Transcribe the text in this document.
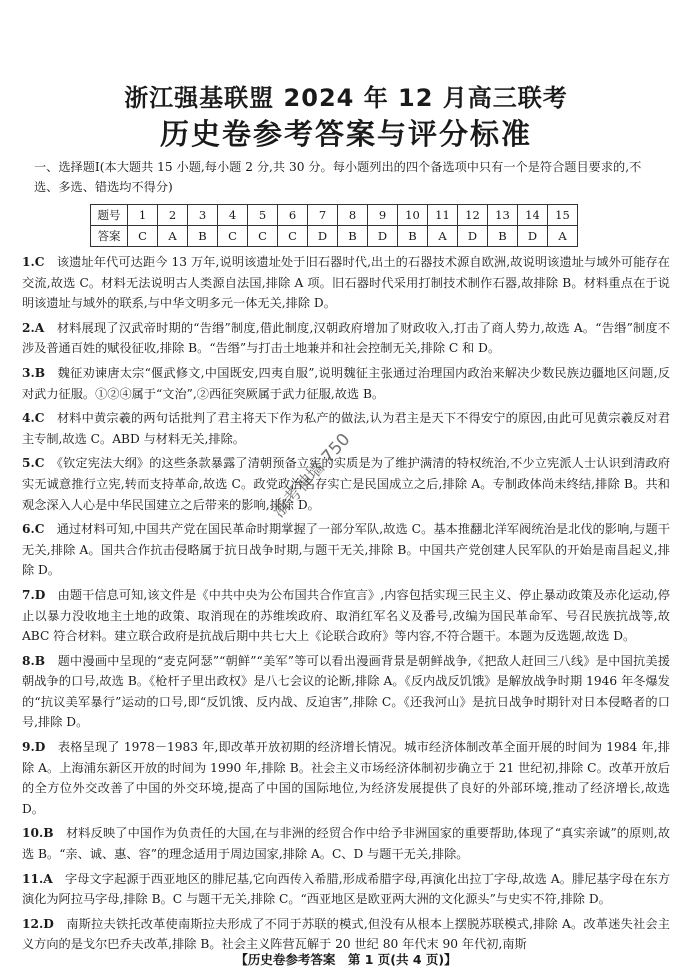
浙江强基联盟 2024 年 12 月高三联考
历史卷参考答案与评分标准
一、选择题Ⅰ(本大题共 15 小题,每小题 2 分,共 30 分。每小题列出的四个备选项中只有一个是符合题目要求的,不选、多选、错选均不得分)
题号	1	2	3	4	5	6	7	8	9	10	11	12	13	14	15
答案	C	A	B	C	C	C	D	B	D	B	A	D	B	D	A
1.C　 该遗址年代可达距今 13 万年,说明该遗址处于旧石器时代,出土的石器技术源自欧洲,故说明该遗址与域外可能存在交流,故选 C。材料无法说明古人类源自法国,排除 A 项。旧石器时代采用打制技术制作石器,故排除 B。材料重点在于说明该遗址与域外的联系,与中华文明多元一体无关,排除 D。
2.A　 材料展现了汉武帝时期的“告缗”制度,借此制度,汉朝政府增加了财政收入,打击了商人势力,故选 A。“告缗”制度不涉及普通百姓的赋役征收,排除 B。“告缗”与打击土地兼并和社会控制无关,排除 C 和 D。
3.B　 魏征劝谏唐太宗“偃武修文,中国既安,四夷自服”,说明魏征主张通过治理国内政治来解决少数民族边疆地区问题,反对武力征服。①②④属于“文治”,②西征突厥属于武力征服,故选 B。
4.C　 材料中黄宗羲的两句话批判了君主将天下作为私产的做法,认为君主是天下不得安宁的原因,由此可见黄宗羲反对君主专制,故选 C。ABD 与材料无关,排除。
5.C　 《钦定宪法大纲》的这些条款暴露了清朝预备立宪的实质是为了维护满清的特权统治,不少立宪派人士认识到清政府实无诚意推行立宪,转而支持革命,故选 C。政党政治名存实亡是民国成立之后,排除 A。专制政体尚未终结,排除 B。共和观念深入人心是中华民国建立之后带来的影响,排除 D。
6.C　 通过材料可知,中国共产党在国民革命时期掌握了一部分军队,故选 C。基本推翻北洋军阀统治是北伐的影响,与题干无关,排除 A。国共合作抗击侵略属于抗日战争时期,与题干无关,排除 B。中国共产党创建人民军队的开始是南昌起义,排除 D。
7.D　 由题干信息可知,该文件是《中共中央为公布国共合作宣言》,内容包括实现三民主义、停止暴动政策及赤化运动,停止以暴力没收地主土地的政策、取消现在的苏维埃政府、取消红军名义及番号,改编为国民革命军、号召民族抗战等,故 ABC 符合材料。建立联合政府是抗战后期中共七大上《论联合政府》等内容,不符合题干。本题为反选题,故选 D。
8.B　 题中漫画中呈现的“麦克阿瑟”“朝鲜”“美军”等可以看出漫画背景是朝鲜战争,《把敌人赶回三八线》是中国抗美援朝战争的口号,故选 B。《枪杆子里出政权》是八七会议的论断,排除 A。《反内战反饥饿》是解放战争时期 1946 年冬爆发的“抗议美军暴行”运动的口号,即“反饥饿、反内战、反迫害”,排除 C。《还我河山》是抗日战争时期针对日本侵略者的口号,排除 D。
9.D　 表格呈现了 1978－1983 年,即改革开放初期的经济增长情况。城市经济体制改革全面开展的时间为 1984 年,排除 A。上海浦东新区开放的时间为 1990 年,排除 B。社会主义市场经济体制初步确立于 21 世纪初,排除 C。改革开放后的全方位外交改善了中国的外交环境,提高了中国的国际地位,为经济发展提供了良好的外部环境,推动了经济增长,故选 D。
10.B　 材料反映了中国作为负责任的大国,在与非洲的经贸合作中给予非洲国家的重要帮助,体现了“真实亲诚”的原则,故选 B。“亲、诚、惠、容”的理念适用于周边国家,排除 A。C、D 与题干无关,排除。
11.A　 字母文字起源于西亚地区的腓尼基,它向西传入希腊,形成希腊字母,再演化出拉丁字母,故选 A。腓尼基字母在东方演化为阿拉马字母,排除 B。C 与题干无关,排除 C。“西亚地区是欧亚两大洲的文化源头”与史实不符,排除 D。
12.D　 南斯拉夫铁托改革使南斯拉夫形成了不同于苏联的模式,但没有从根本上摆脱苏联模式,排除 A。改革迷失社会主义方向的是戈尔巴乔夫改革,排除 B。社会主义阵营瓦解于 20 世纪 80 年代末 90 年代初,南斯
浙考神墙 750
【历史卷参考答案　第 1 页(共 4 页)】
